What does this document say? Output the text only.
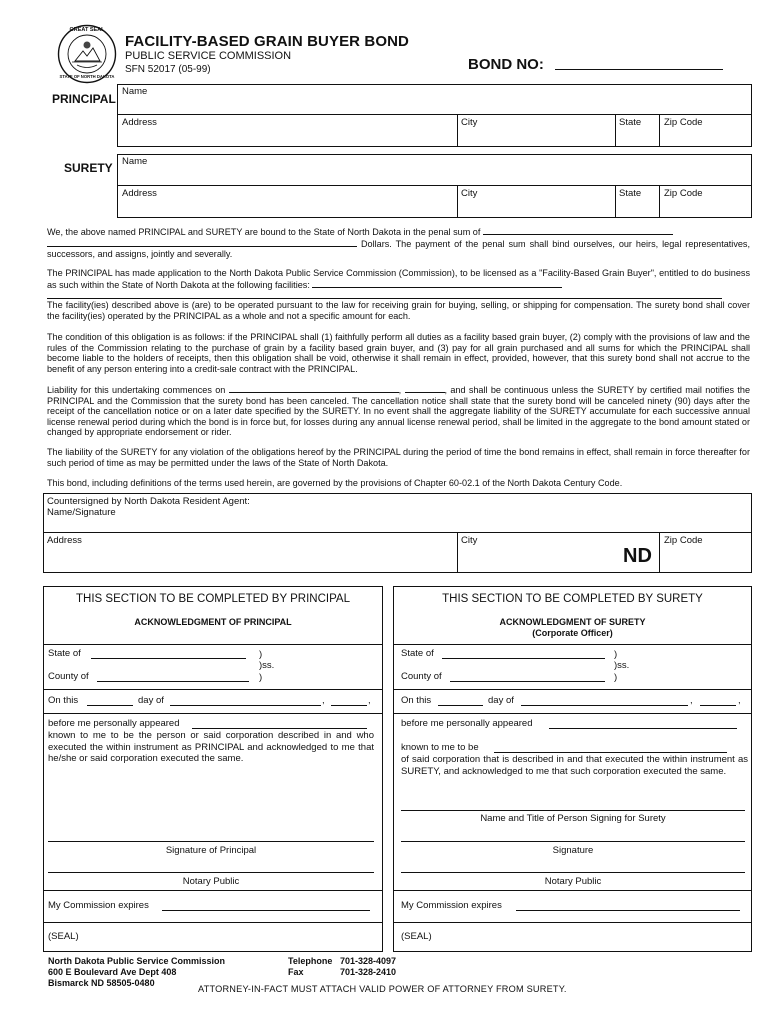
GREAT SEAL
STATE OF NORTH DAKOTA
FACILITY-BASED GRAIN BUYER BOND
PUBLIC SERVICE COMMISSION
SFN 52017 (05-99)	BOND NO:
PRINCIPAL
Name
Address	City	State Zip Code
SURETY Name
Address	City	State Zip Code
We, the above named PRINCIPAL and SURETY are bound to the State of North Dakota in the penal sum of
Dollars. The payment of the penal sum shall bind ourselves, our heirs, legal representatives, successors, and assigns, jointly and severally.
The PRINCIPAL has made application to the North Dakota Public Service Commission (Commission), to be licensed as a "Facility-Based Grain Buyer", entitled to do business as such within the State of North Dakota at the following facilities:
The facility(ies) described above is (are) to be operated pursuant to the law for receiving grain for buying, selling, or shipping for compensation. The surety bond shall cover the facility(ies) operated by the PRINCIPAL as a whole and not a specific amount for each.
The condition of this obligation is as follows: if the PRINCIPAL shall (1) faithfully perform all duties as a facility based grain buyer, (2) comply with the provisions of law and the rules of the Commission relating to the purchase of grain by a facility based grain buyer, and (3) pay for all grain purchased and all sums for which the PRINCIPAL shall become liable to the holders of receipts, then this obligation shall be void, otherwise it shall remain in effect, provided, however, that this surety bond shall not accrue to the benefit of any person entering into a credit-sale contract with the PRINCIPAL.
Liability for this undertaking commences on	,	, and shall be continuous unless the SURETY by certified mail notifies the PRINCIPAL and the Commission that the surety bond has been canceled. The cancellation notice shall state that the surety bond will be canceled ninety (90) days after the receipt of the cancellation notice or on a later date specified by the SURETY. In no event shall the aggregate liability of the SURETY accumulate for each successive annual license renewal period during which the bond is in force but, for losses during any annual license renewal period, shall be limited in the aggregate to the bond amount stated or changed by appropriate endorsement or rider.
The liability of the SURETY for any violation of the obligations hereof by the PRINCIPAL during the period of time the bond remains in effect, shall remain in force thereafter for such period of time as may be permitted under the laws of the State of North Dakota.
This bond, including definitions of the terms used herein, are governed by the provisions of Chapter 60-02.1 of the North Dakota Century Code.
Countersigned by North Dakota Resident Agent:
Name/Signature
Address	City
ND
Zip Code
THIS SECTION TO BE COMPLETED BY PRINCIPAL
ACKNOWLEDGMENT OF PRINCIPAL
State of	)
)ss.
County of	)
On this	day of	,	,
before me personally appeared
known to me to be the person or said corporation described in and who executed the within instrument as PRINCIPAL and acknowledged to me that he/she or said corporation executed the same.
Signature of Principal
Notary Public
My Commission expires
(SEAL)
THIS SECTION TO BE COMPLETED BY SURETY
ACKNOWLEDGMENT OF SURETY
(Corporate Officer)
State of	)
)ss.
County of	)
On this	day of	,	,
before me personally appeared
known to me to be
of said corporation that is described in and that executed the within instrument as SURETY, and acknowledged to me that such corporation executed the same.
Name and Title of Person Signing for Surety
Signature
Notary Public
My Commission expires
(SEAL)
North Dakota Public Service Commission
600 E Boulevard Ave Dept 408
Bismarck ND 58505-0480
Telephone 701-328-4097
Fax	701-328-2410
ATTORNEY-IN-FACT MUST ATTACH VALID POWER OF ATTORNEY FROM SURETY.
